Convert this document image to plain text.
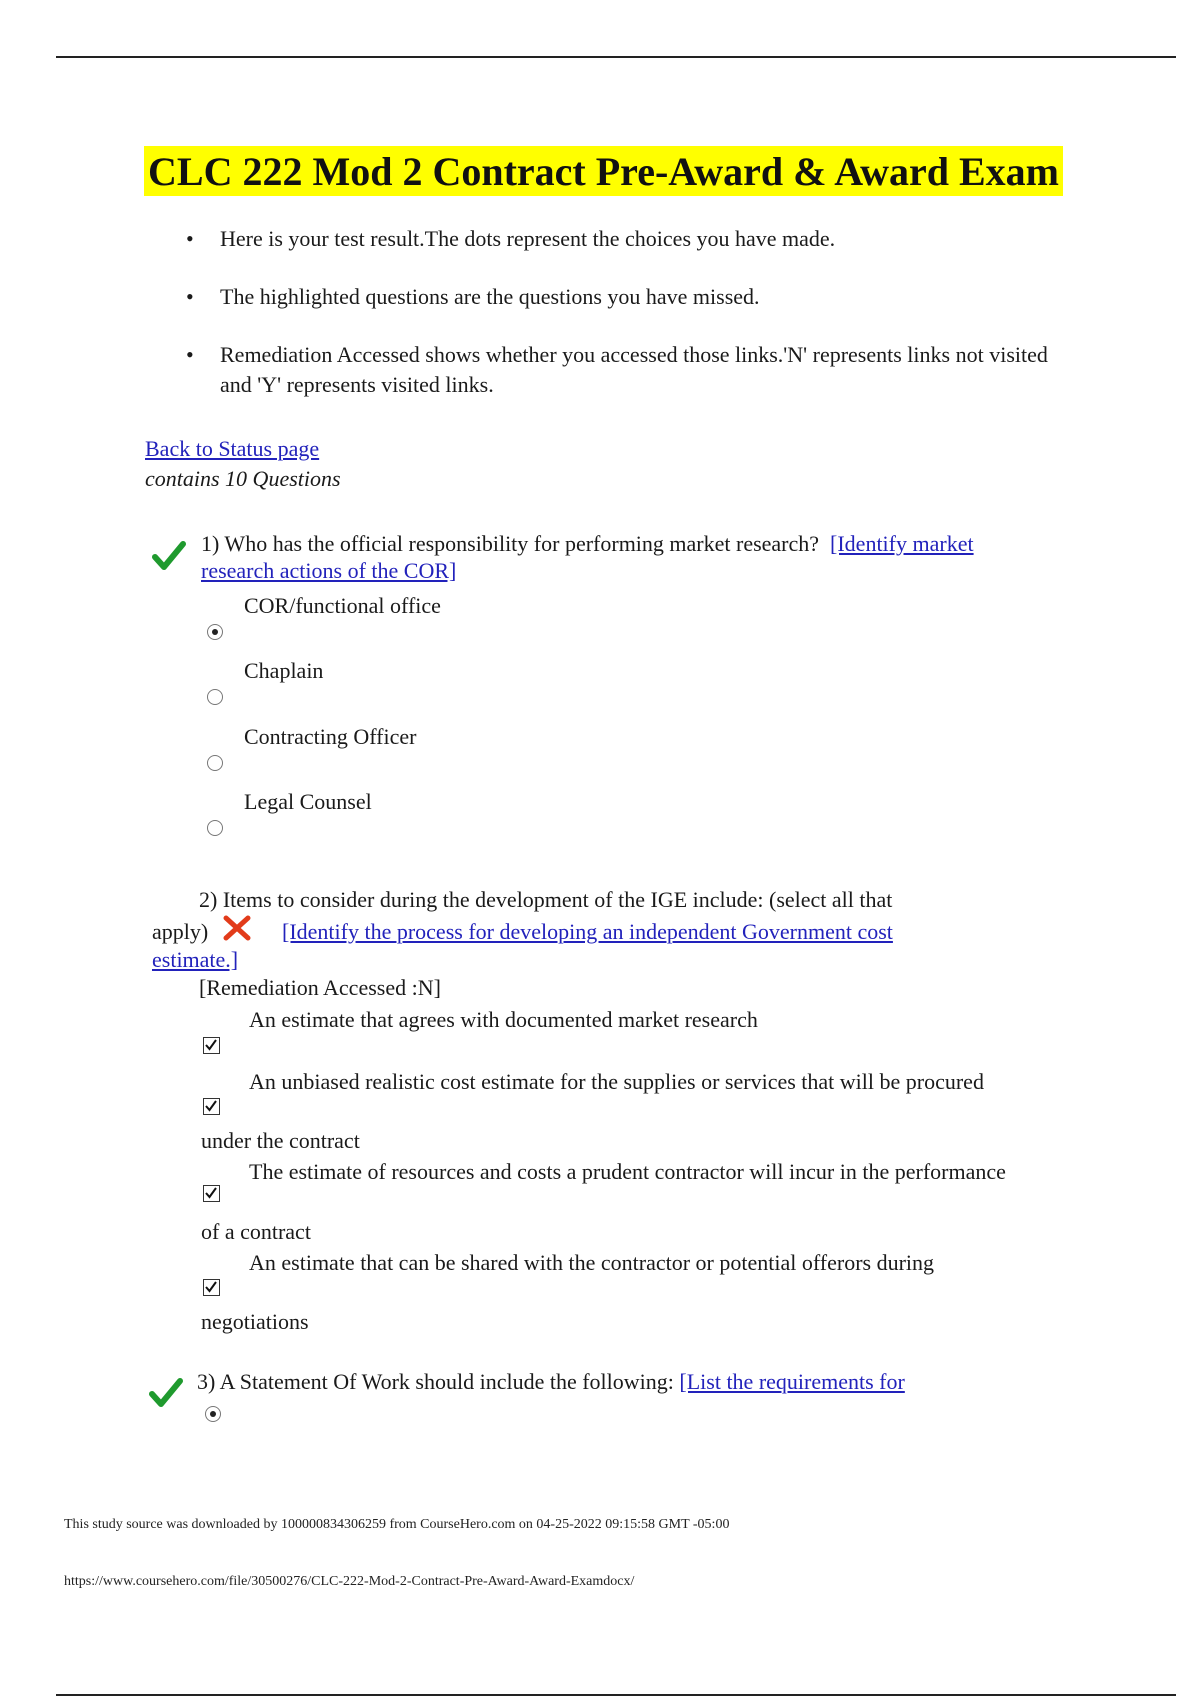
CLC 222 Mod 2 Contract Pre-Award & Award Exam
• Here is your test result.The dots represent the choices you have made.
• The highlighted questions are the questions you have missed.
• Remediation Accessed shows whether you accessed those links.'N' represents links not visited and 'Y' represents visited links.
Back to Status page
contains 10 Questions
1) Who has the official responsibility for performing market research? [Identify market
research actions of the COR]
COR/functional office
Chaplain
Contracting Officer
Legal Counsel
2) Items to consider during the development of the IGE include: (select all that
apply)	[Identify the process for developing an independent Government cost
estimate.]
[Remediation Accessed :N]
An estimate that agrees with documented market research
An unbiased realistic cost estimate for the supplies or services that will be procured
under the contract
The estimate of resources and costs a prudent contractor will incur in the performance
of a contract
An estimate that can be shared with the contractor or potential offerors during
negotiations
3) A Statement Of Work should include the following: [List the requirements for
This study source was downloaded by 100000834306259 from CourseHero.com on 04-25-2022 09:15:58 GMT -05:00
https://www.coursehero.com/file/30500276/CLC-222-Mod-2-Contract-Pre-Award-Award-Examdocx/
